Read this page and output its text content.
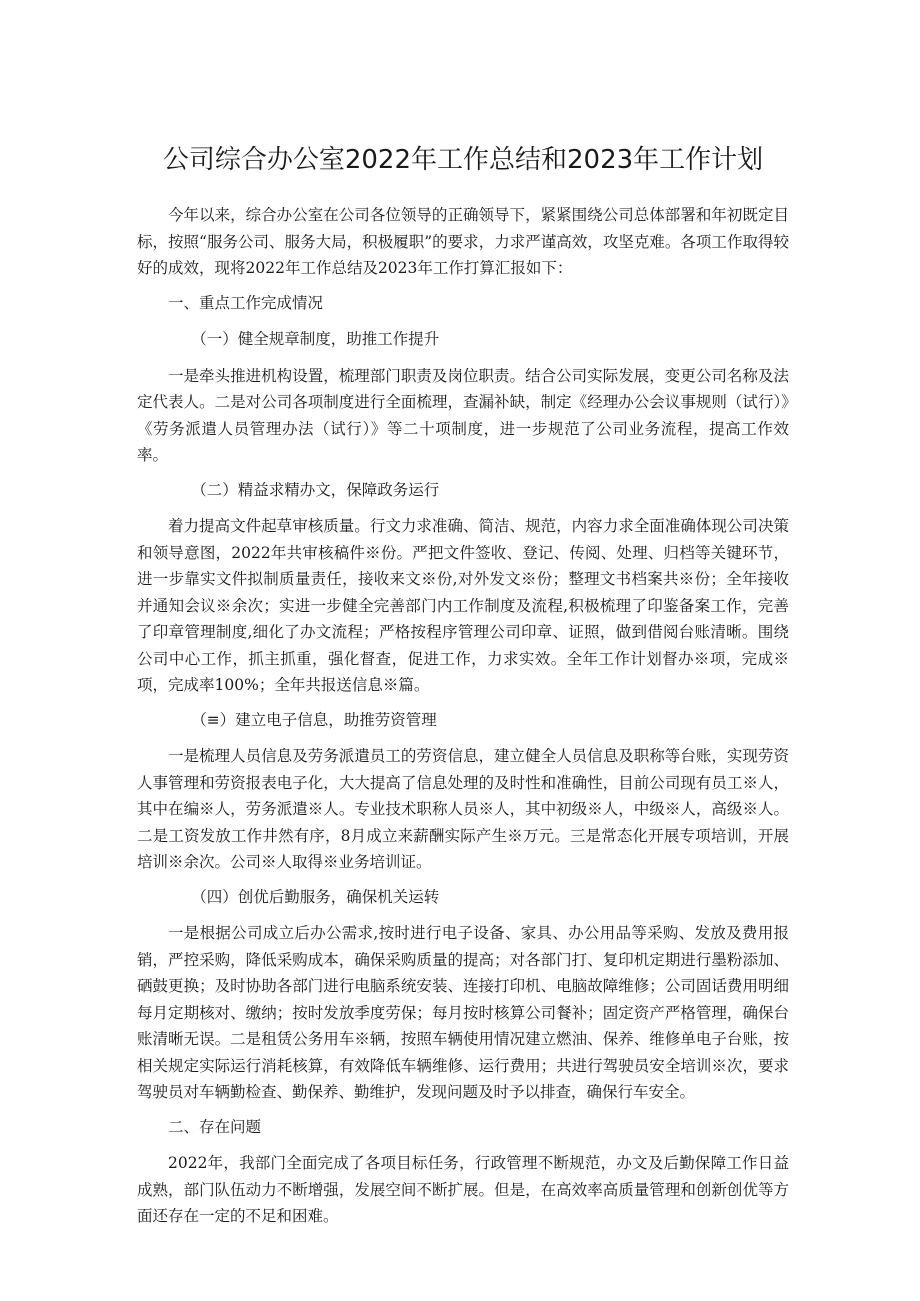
公司综合办公室2022年工作总结和2023年工作计划

今年以来，综合办公室在公司各位领导的正确领导下，紧紧围绕公司总体部署和年初既定目标，按照“服务公司、服务大局，积极履职”的要求，力求严谨高效，攻坚克难。各项工作取得较好的成效，现将2022年工作总结及2023年工作打算汇报如下：

一、重点工作完成情况

（一）健全规章制度，助推工作提升

一是牵头推进机构设置，梳理部门职责及岗位职责。结合公司实际发展，变更公司名称及法定代表人。二是对公司各项制度进行全面梳理，查漏补缺，制定《经理办公会议事规则（试行）》《劳务派遣人员管理办法（试行）》等二十项制度，进一步规范了公司业务流程，提高工作效率。

（二）精益求精办文，保障政务运行

着力提高文件起草审核质量。行文力求准确、简洁、规范，内容力求全面准确体现公司决策和领导意图，2022年共审核稿件※份。严把文件签收、登记、传阅、处理、归档等关键环节，进一步靠实文件拟制质量责任，接收来文※份,对外发文※份；整理文书档案共※份；全年接收并通知会议※余次；实进一步健全完善部门内工作制度及流程,积极梳理了印鉴备案工作，完善了印章管理制度,细化了办文流程；严格按程序管理公司印章、证照，做到借阅台账清晰。围绕公司中心工作，抓主抓重，强化督查，促进工作，力求实效。全年工作计划督办※项，完成※项，完成率100%；全年共报送信息※篇。

（≡）建立电子信息，助推劳资管理

一是梳理人员信息及劳务派遣员工的劳资信息，建立健全人员信息及职称等台账，实现劳资人事管理和劳资报表电子化，大大提高了信息处理的及时性和准确性，目前公司现有员工※人，其中在编※人，劳务派遣※人。专业技术职称人员※人，其中初级※人，中级※人，高级※人。二是工资发放工作井然有序，8月成立来薪酬实际产生※万元。三是常态化开展专项培训，开展培训※余次。公司※人取得※业务培训证。

（四）创优后勤服务，确保机关运转

一是根据公司成立后办公需求,按时进行电子设备、家具、办公用品等采购、发放及费用报销，严控采购，降低采购成本，确保采购质量的提高；对各部门打、复印机定期进行墨粉添加、硒鼓更换；及时协助各部门进行电脑系统安装、连接打印机、电脑故障维修；公司固话费用明细每月定期核对、缴纳；按时发放季度劳保；每月按时核算公司餐补；固定资产严格管理，确保台账清晰无误。二是租赁公务用车※辆，按照车辆使用情况建立燃油、保养、维修单电子台账，按相关规定实际运行消耗核算，有效降低车辆维修、运行费用；共进行驾驶员安全培训※次，要求驾驶员对车辆勤检查、勤保养、勤维护，发现问题及时予以排查，确保行车安全。

二、存在问题

2022年，我部门全面完成了各项目标任务，行政管理不断规范，办文及后勤保障工作日益成熟，部门队伍动力不断增强，发展空间不断扩展。但是，在高效率高质量管理和创新创优等方面还存在一定的不足和困难。
